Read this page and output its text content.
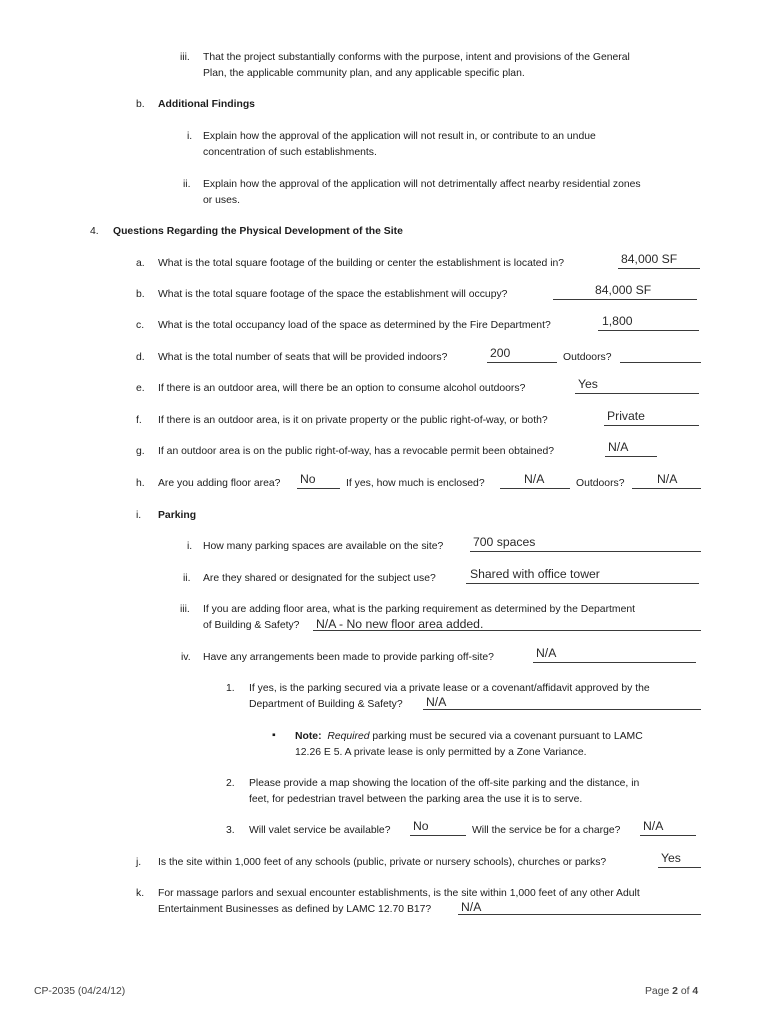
iii. That the project substantially conforms with the purpose, intent and provisions of the General
Plan, the applicable community plan, and any applicable specific plan.
b. Additional Findings
i. Explain how the approval of the application will not result in, or contribute to an undue
concentration of such establishments.
ii. Explain how the approval of the application will not detrimentally affect nearby residential zones
or uses.
4. Questions Regarding the Physical Development of the Site
a. What is the total square footage of the building or center the establishment is located in?	84,000 SF
b. What is the total square footage of the space the establishment will occupy?	84,000 SF
c. What is the total occupancy load of the space as determined by the Fire Department?	1,800
d. What is the total number of seats that will be provided indoors?	200	Outdoors?
e. If there is an outdoor area, will there be an option to consume alcohol outdoors?	Yes
f. If there is an outdoor area, is it on private property or the public right-of-way, or both?	Private
g. If an outdoor area is on the public right-of-way, has a revocable permit been obtained?	N/A
h. Are you adding floor area? No	If yes, how much is enclosed?	N/A	Outdoors?	N/A
i. Parking
i. How many parking spaces are available on the site? 700 spaces
ii. Are they shared or designated for the subject use?	Shared with office tower
iii. If you are adding floor area, what is the parking requirement as determined by the Department
of Building & Safety? N/A - No new floor area added.
iv. Have any arrangements been made to provide parking off-site?	N/A
1. If yes, is the parking secured via a private lease or a covenant/affidavit approved by the
Department of Building & Safety? N/A
▪ Note: Required parking must be secured via a covenant pursuant to LAMC
12.26 E 5. A private lease is only permitted by a Zone Variance.
2. Please provide a map showing the location of the off-site parking and the distance, in
feet, for pedestrian travel between the parking area the use it is to serve.
3. Will valet service be available? No	Will the service be for a charge? N/A
j. Is the site within 1,000 feet of any schools (public, private or nursery schools), churches or parks?	Yes
k. For massage parlors and sexual encounter establishments, is the site within 1,000 feet of any other Adult
Entertainment Businesses as defined by LAMC 12.70 B17? N/A
CP-2035 (04/24/12)	Page 2 of 4
